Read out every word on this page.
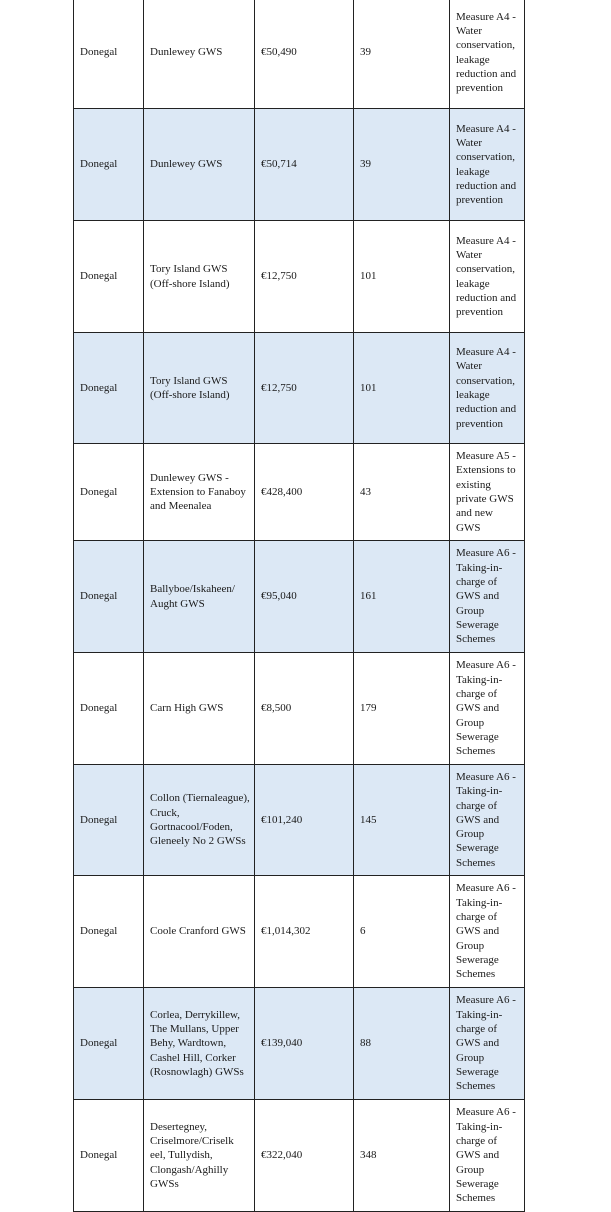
Donegal	Dunlewey GWS	€50,490	39	Measure A4 - Water conservation, leakage reduction and prevention
Donegal	Dunlewey GWS	€50,714	39	Measure A4 - Water conservation, leakage reduction and prevention
Donegal	Tory Island GWS (Off-shore Island)	€12,750	101	Measure A4 - Water conservation, leakage reduction and prevention
Donegal	Tory Island GWS (Off-shore Island)	€12,750	101	Measure A4 - Water conservation, leakage reduction and prevention
Donegal	Dunlewey GWS - Extension to Fanaboy and Meenalea	€428,400	43	Measure A5 - Extensions to existing private GWS and new GWS
Donegal	Ballyboe/Iskaheen/ Aught GWS	€95,040	161	Measure A6 - Taking-in-charge of GWS and Group Sewerage Schemes
Donegal	Carn High GWS	€8,500	179	Measure A6 - Taking-in-charge of GWS and Group Sewerage Schemes
Donegal	Collon (Tiernaleague), Cruck, Gortnacool/Foden, Gleneely No 2 GWSs	€101,240	145	Measure A6 - Taking-in-charge of GWS and Group Sewerage Schemes
Donegal	Coole Cranford GWS	€1,014,302	6	Measure A6 - Taking-in-charge of GWS and Group Sewerage Schemes
Donegal	Corlea, Derrykillew, The Mullans, Upper Behy, Wardtown, Cashel Hill, Corker (Rosnowlagh) GWSs	€139,040	88	Measure A6 - Taking-in-charge of GWS and Group Sewerage Schemes
Donegal	Desertegney, Criselmore/Criselk eel, Tullydish, Clongash/Aghilly GWSs	€322,040	348	Measure A6 - Taking-in-charge of GWS and Group Sewerage Schemes
